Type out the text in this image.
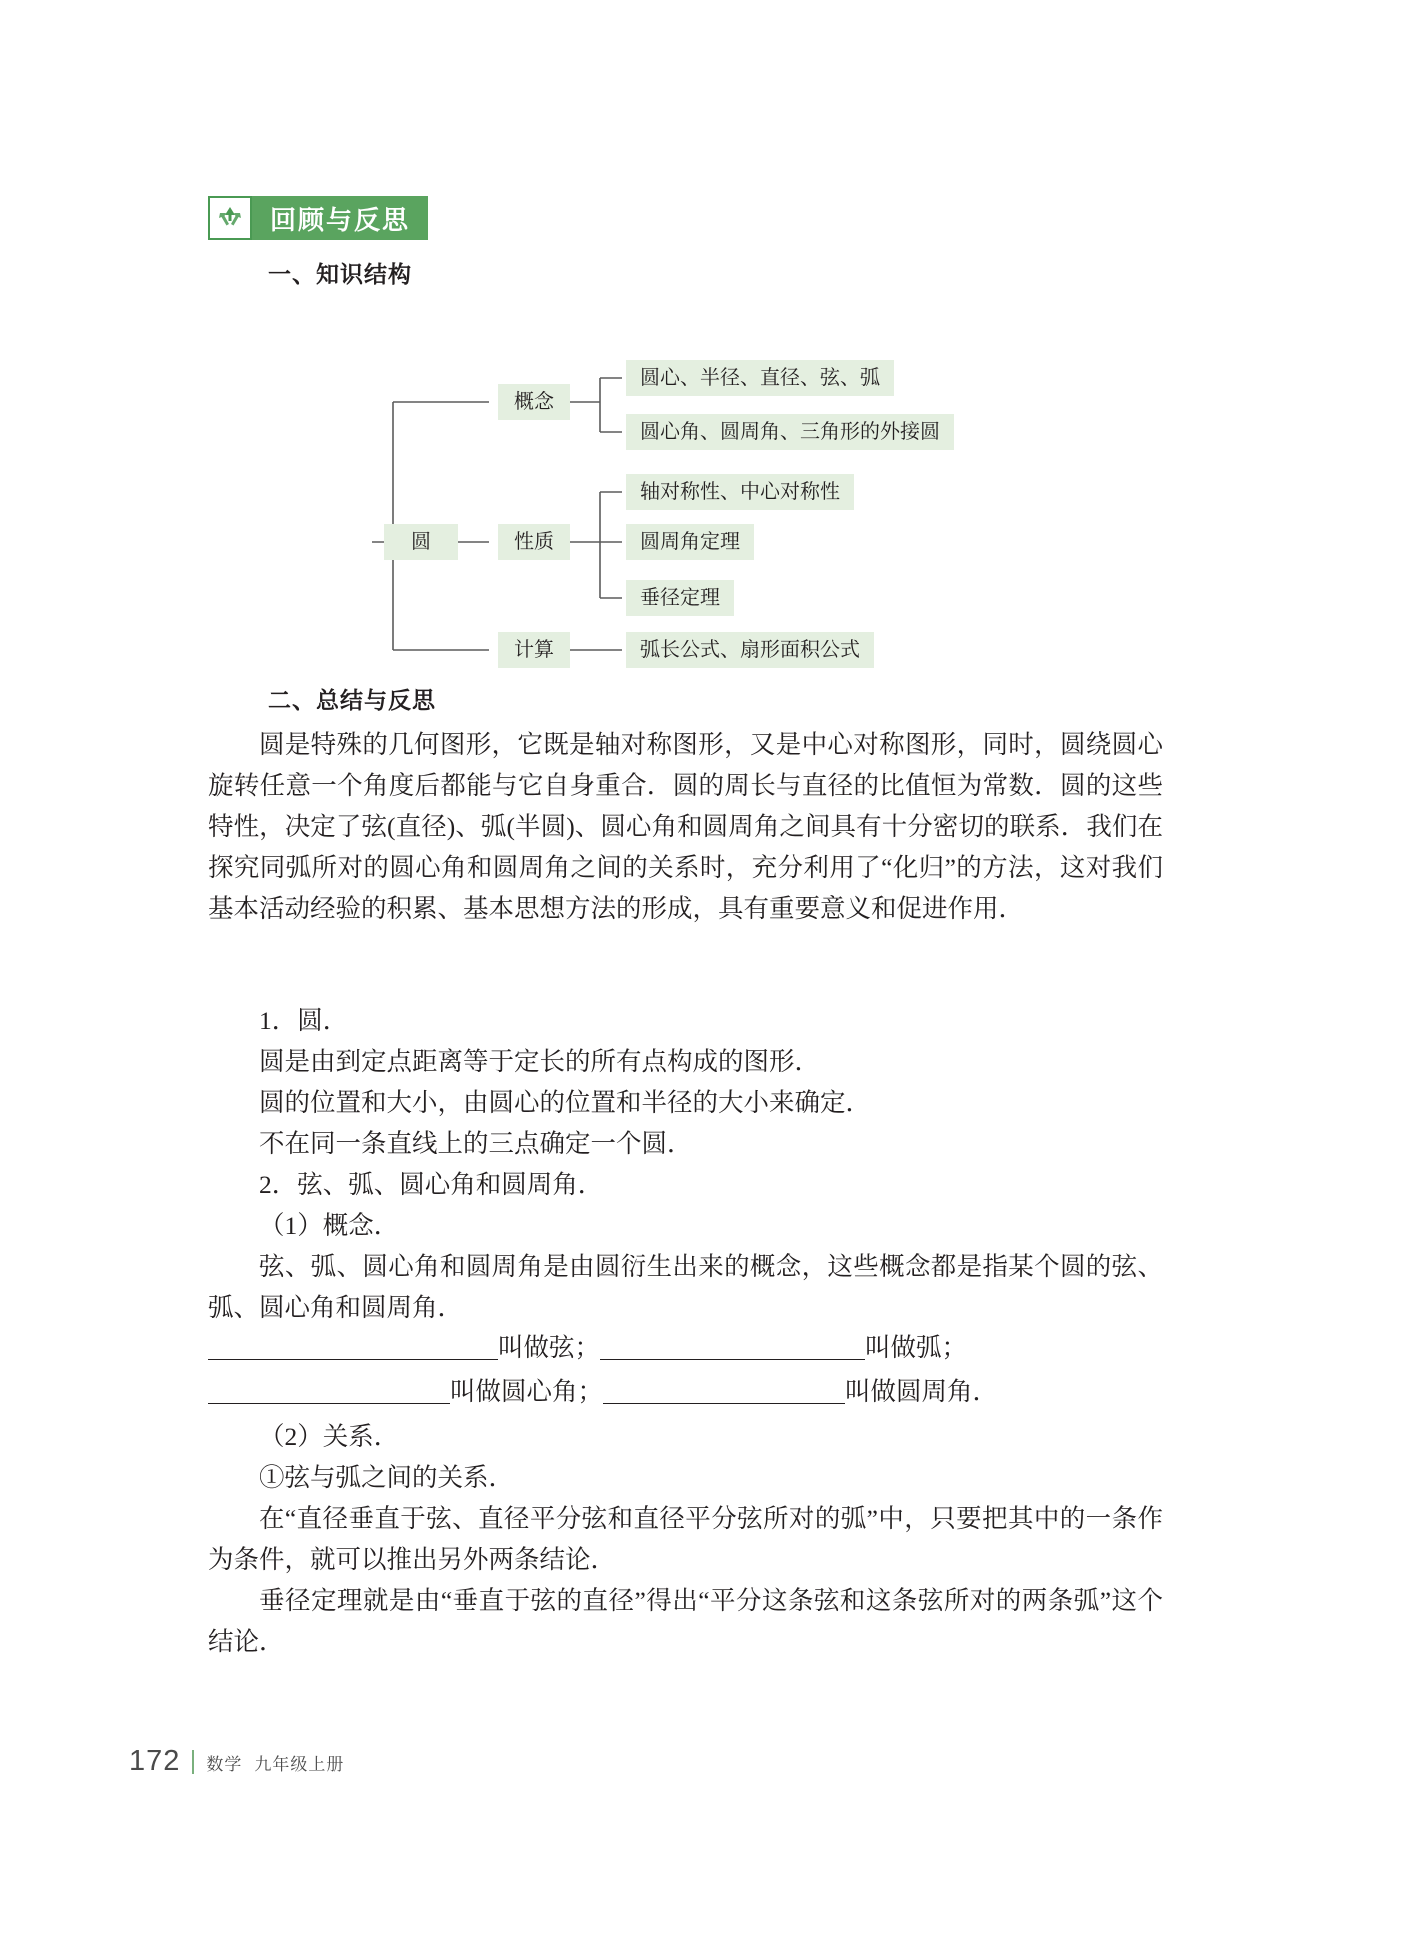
回顾与反思
一、知识结构
二、总结与反思
圆
概念
性质
计算
圆心、半径、直径、弦、弧
圆心角、圆周角、三角形的外接圆
轴对称性、中心对称性
圆周角定理
垂径定理
弧长公式、扇形面积公式
圆是特殊的几何图形，它既是轴对称图形，又是中心对称图形，同时，圆绕圆心旋转任意一个角度后都能与它自身重合．圆的周长与直径的比值恒为常数．圆的这些特性，决定了弦(直径)、弧(半圆)、圆心角和圆周角之间具有十分密切的联系．我们在探究同弧所对的圆心角和圆周角之间的关系时，充分利用了“化归”的方法，这对我们基本活动经验的积累、基本思想方法的形成，具有重要意义和促进作用．
1．圆．
圆是由到定点距离等于定长的所有点构成的图形．
圆的位置和大小，由圆心的位置和半径的大小来确定．
不在同一条直线上的三点确定一个圆．
2．弦、弧、圆心角和圆周角．
（1）概念．
弦、弧、圆心角和圆周角是由圆衍生出来的概念，这些概念都是指某个圆的弦、弧、圆心角和圆周角．
叫做弦；	叫做弧；
叫做圆心角；	叫做圆周角．
（2）关系．
①弦与弧之间的关系．
在“直径垂直于弦、直径平分弦和直径平分弦所对的弧”中，只要把其中的一条作为条件，就可以推出另外两条结论．
垂径定理就是由“垂直于弦的直径”得出“平分这条弦和这条弦所对的两条弧”这个结论．
172 数学 九年级上册
